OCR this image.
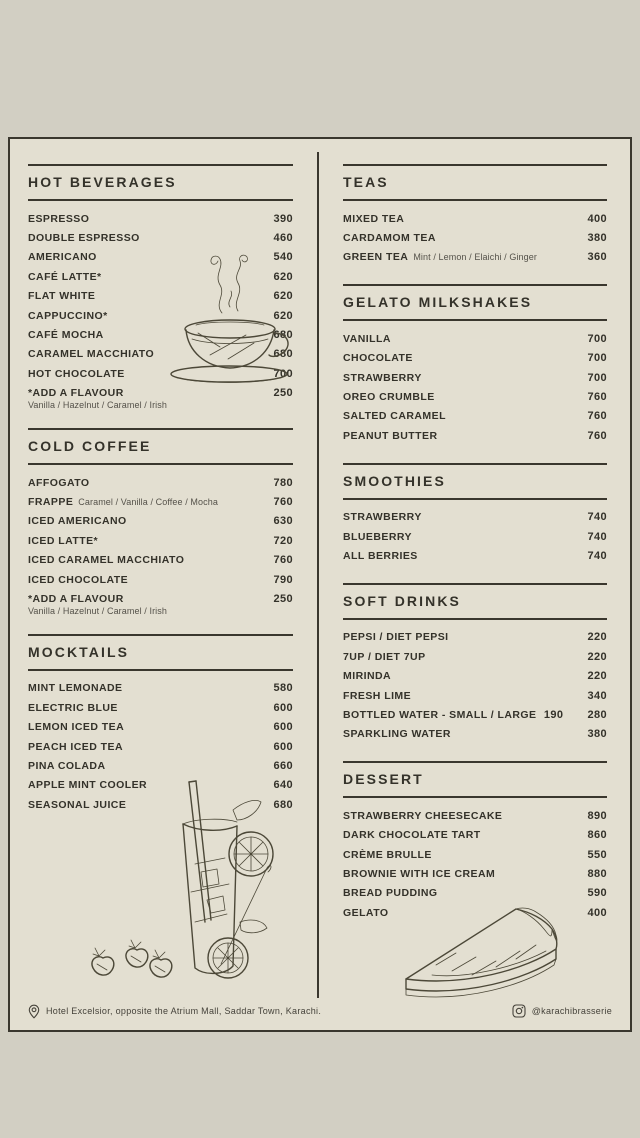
HOT BEVERAGES
ESPRESSO	390
DOUBLE ESPRESSO	460
AMERICANO	540
CAFÉ LATTE*	620
FLAT WHITE	620
CAPPUCCINO*	620
CAFÉ MOCHA	680
CARAMEL MACCHIATO	680
HOT CHOCOLATE	700
*ADD A FLAVOUR	250
Vanilla / Hazelnut / Caramel / Irish
COLD COFFEE
AFFOGATO	780
FRAPPE Caramel / Vanilla / Coffee / Mocha	760
ICED AMERICANO	630
ICED LATTE*	720
ICED CARAMEL MACCHIATO	760
ICED CHOCOLATE	790
*ADD A FLAVOUR	250
Vanilla / Hazelnut / Caramel / Irish
MOCKTAILS
MINT LEMONADE	580
ELECTRIC BLUE	600
LEMON ICED TEA	600
PEACH ICED TEA	600
PINA COLADA	660
APPLE MINT COOLER	640
SEASONAL JUICE	680
TEAS
MIXED TEA	400
CARDAMOM TEA	380
GREEN TEA Mint / Lemon / Elaichi / Ginger	360
GELATO MILKSHAKES
VANILLA	700
CHOCOLATE	700
STRAWBERRY	700
OREO CRUMBLE	760
SALTED CARAMEL	760
PEANUT BUTTER	760
SMOOTHIES
STRAWBERRY	740
BLUEBERRY	740
ALL BERRIES	740
SOFT DRINKS
PEPSI / DIET PEPSI	220
7UP / DIET 7UP	220
MIRINDA	220
FRESH LIME	340
BOTTLED WATER - SMALL / LARGE 190 280
SPARKLING WATER	380
DESSERT
STRAWBERRY CHEESECAKE	890
DARK CHOCOLATE TART	860
CRÈME BRULLE	550
BROWNIE WITH ICE CREAM	880
BREAD PUDDING	590
GELATO	400
Hotel Excelsior, opposite the Atrium Mall, Saddar Town, Karachi.	@karachibrasserie
